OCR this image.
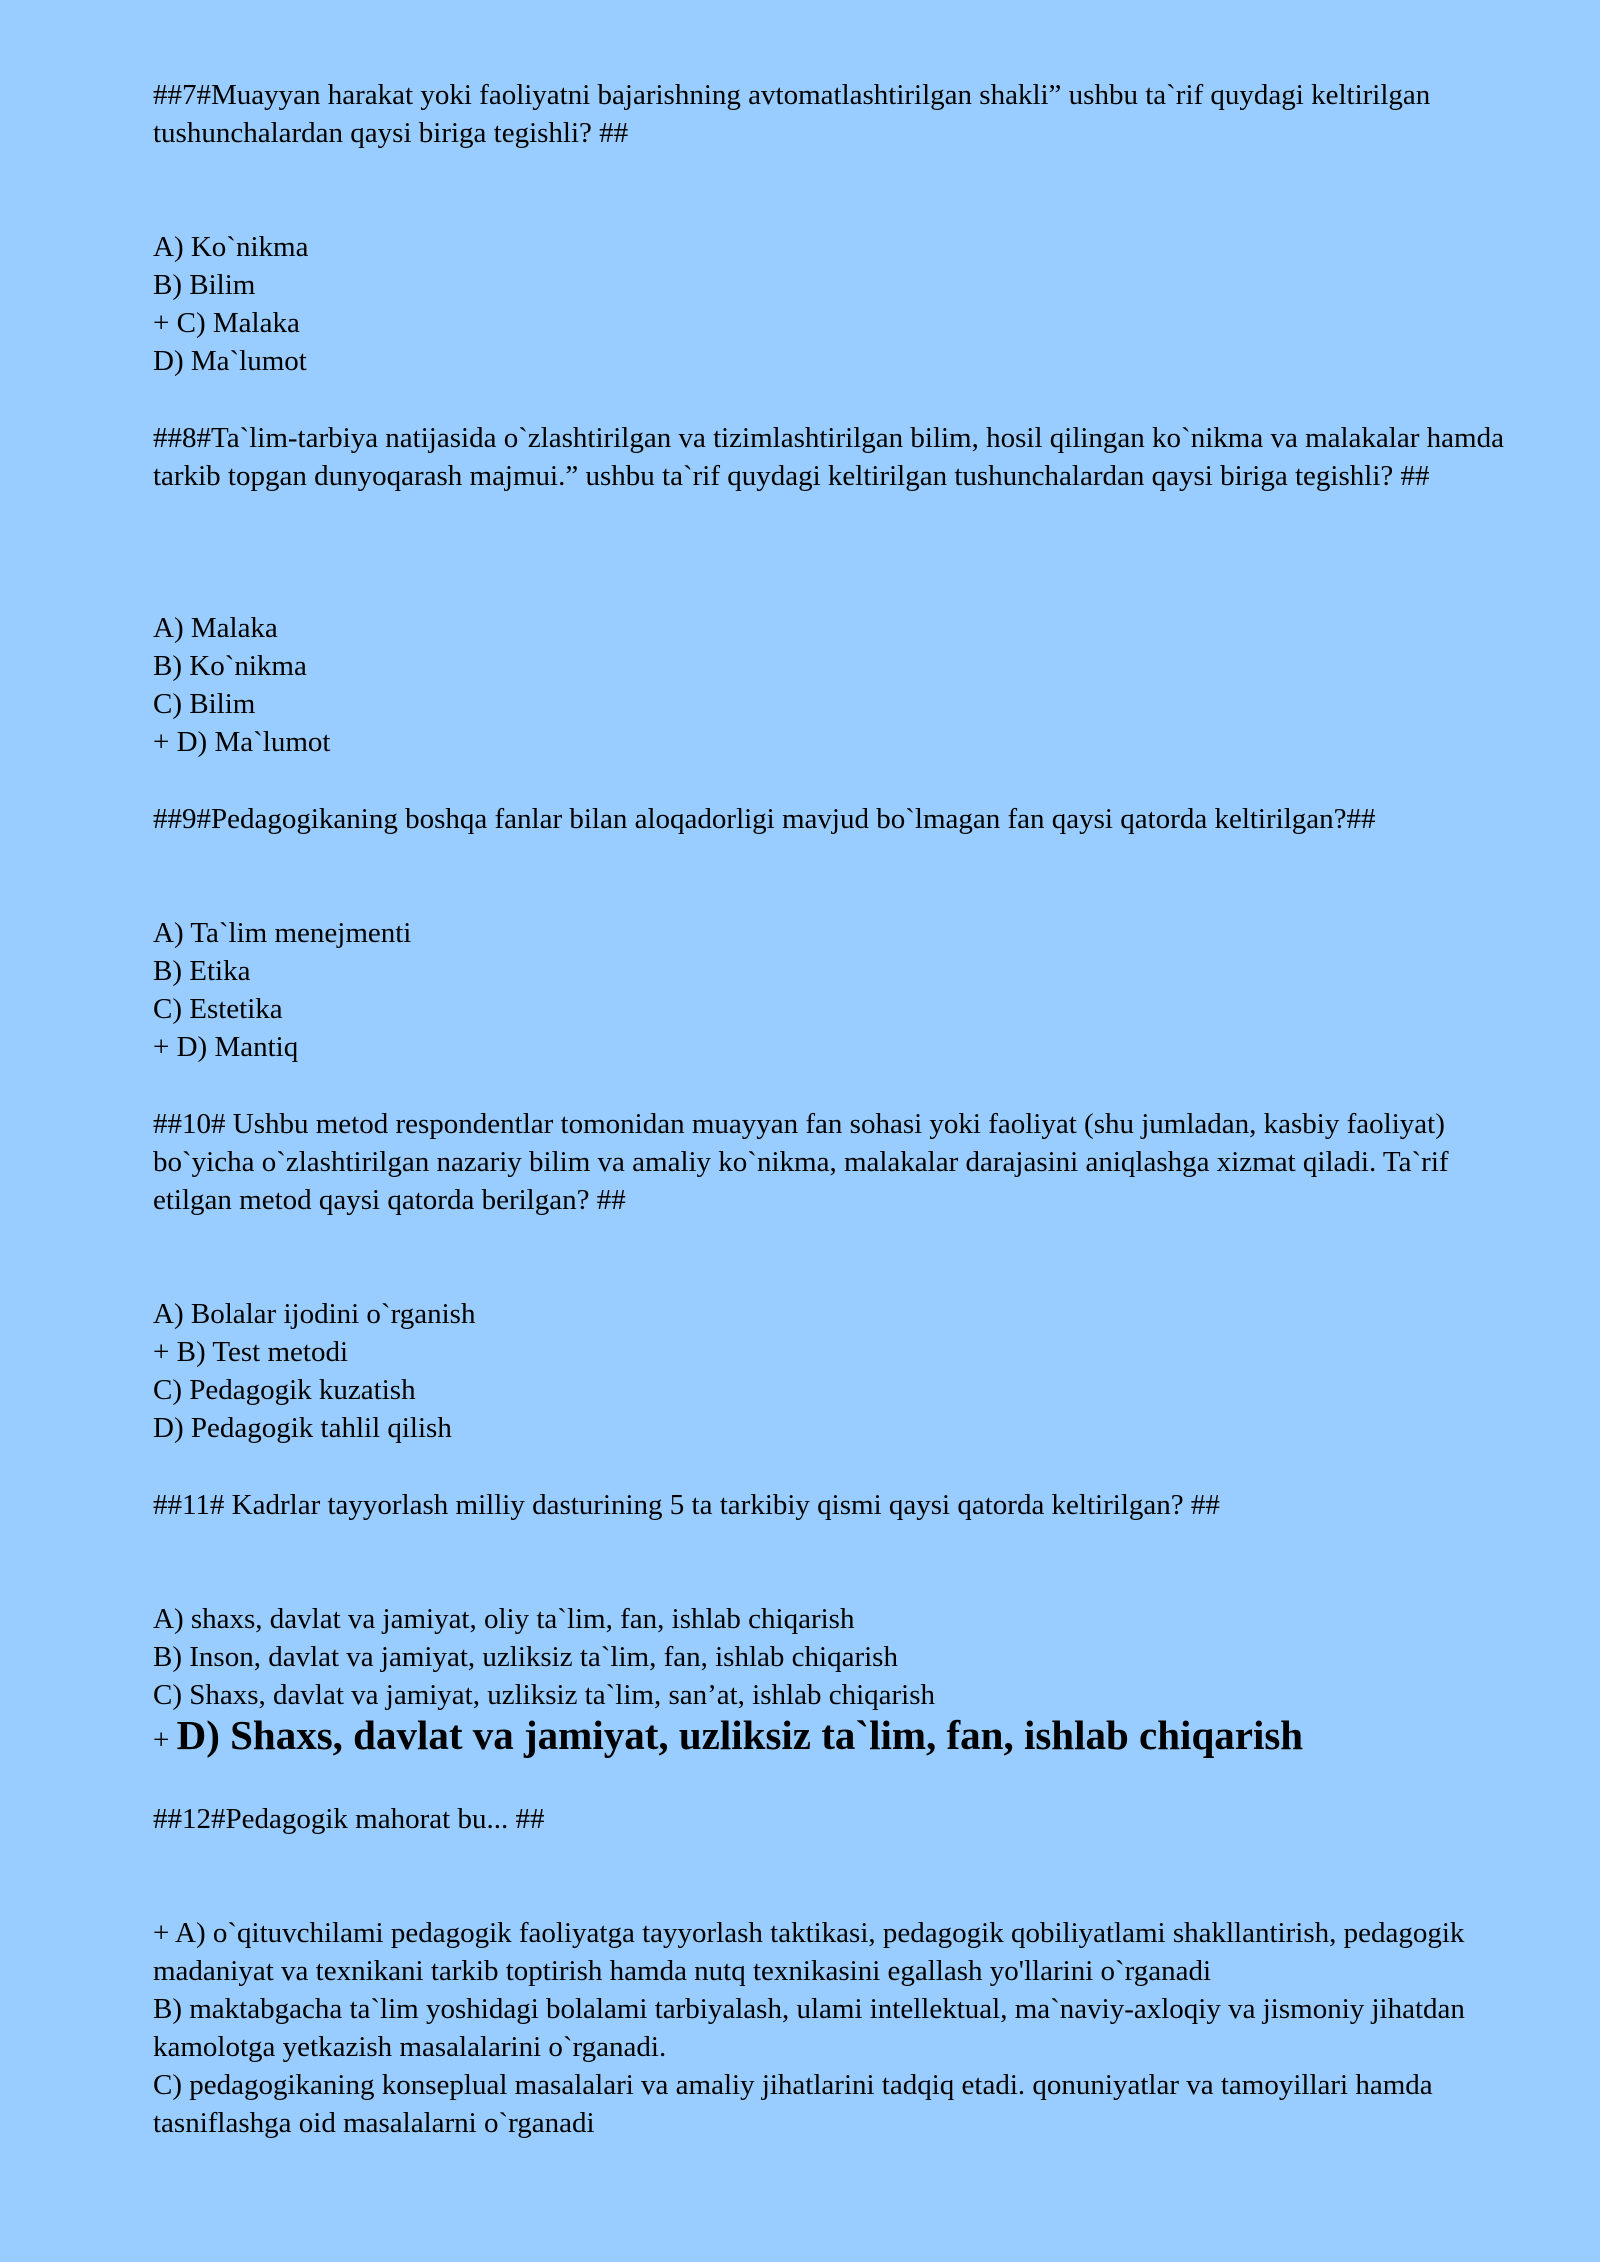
##7#Muayyan harakat yoki faoliyatni bajarishning avtomatlashtirilgan shakli” ushbu ta`rif quydagi keltirilgan tushunchalardan qaysi biriga tegishli? ##

A) Ko`nikma

B) Bilim

+ C) Malaka

D) Ma`lumot

##8#Ta`lim-tarbiya natijasida o`zlashtirilgan va tizimlashtirilgan bilim, hosil qilingan ko`nikma va malakalar hamda tarkib topgan dunyoqarash majmui.” ushbu ta`rif quydagi keltirilgan tushunchalardan qaysi biriga tegishli? ##

A) Malaka

B) Ko`nikma

C) Bilim

+ D) Ma`lumot

##9#Pedagogikaning boshqa fanlar bilan aloqadorligi mavjud bo`lmagan fan qaysi qatorda keltirilgan?##

A) Ta`lim menejmenti

B) Etika

C) Estetika

+ D) Mantiq

##10# Ushbu metod respondentlar tomonidan muayyan fan sohasi yoki faoliyat (shu jumladan, kasbiy faoliyat) bo`yicha o`zlashtirilgan nazariy bilim va amaliy ko`nikma, malakalar darajasini aniqlashga xizmat qiladi. Ta`rif etilgan metod qaysi qatorda berilgan? ##

A) Bolalar ijodini o`rganish

+ B) Test metodi

C) Pedagogik kuzatish

D) Pedagogik tahlil qilish

##11# Kadrlar tayyorlash milliy dasturining 5 ta tarkibiy qismi qaysi qatorda keltirilgan? ##

A) shaxs, davlat va jamiyat, oliy ta`lim, fan, ishlab chiqarish

B) Inson, davlat va jamiyat, uzliksiz ta`lim, fan, ishlab chiqarish

C) Shaxs, davlat va jamiyat, uzliksiz ta`lim, san’at, ishlab chiqarish

+ D) Shaxs, davlat va jamiyat, uzliksiz ta`lim, fan, ishlab chiqarish

##12#Pedagogik mahorat bu... ##

+ A) o`qituvchilami pedagogik faoliyatga tayyorlash taktikasi, pedagogik qobiliyatlami shakllantirish, pedagogik madaniyat va texnikani tarkib toptirish hamda nutq texnikasini egallash yo'llarini o`rganadi

B) maktabgacha ta`lim yoshidagi bolalami tarbiyalash, ulami intellektual, ma`naviy-axloqiy va jismoniy jihatdan kamolotga yetkazish masalalarini o`rganadi.

C) pedagogikaning konseplual masalalari va amaliy jihatlarini tadqiq etadi. qonuniyatlar va tamoyillari hamda tasniflashga oid masalalarni o`rganadi
